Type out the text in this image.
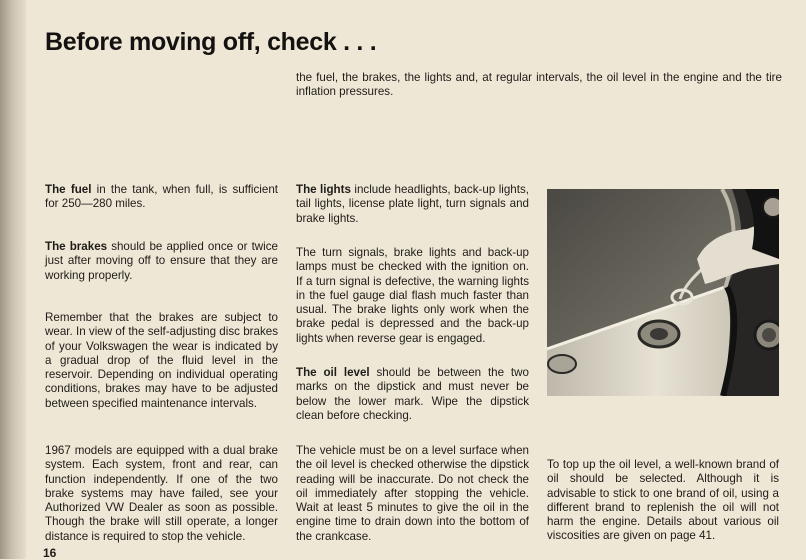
Before moving off, check . . .
the fuel, the brakes, the lights and, at regular intervals, the oil level in the engine and the tire inflation pressures.

The fuel in the tank, when full, is sufficient for 250—280 miles.

The brakes should be applied once or twice just after moving off to ensure that they are working properly.

Remember that the brakes are subject to wear. In view of the self-adjusting disc brakes of your Volkswagen the wear is indicated by a gradual drop of the fluid level in the reservoir. Depending on individual operating conditions, brakes may have to be adjusted between specified maintenance intervals.

1967 models are equipped with a dual brake system. Each system, front and rear, can function independently. If one of the two brake systems may have failed, see your Authorized VW Dealer as soon as possible. Though the brake will still operate, a longer distance is required to stop the vehicle.

The lights include headlights, back-up lights, tail lights, license plate light, turn signals and brake lights.

The turn signals, brake lights and back-up lamps must be checked with the ignition on. If a turn signal is defective, the warning lights in the fuel gauge dial flash much faster than usual. The brake lights only work when the brake pedal is depressed and the back-up lights when reverse gear is engaged.

The oil level should be between the two marks on the dipstick and must never be below the lower mark. Wipe the dipstick clean before checking.

The vehicle must be on a level surface when the oil level is checked otherwise the dipstick reading will be inaccurate. Do not check the oil immediately after stopping the vehicle. Wait at least 5 minutes to give the oil in the engine time to drain down into the bottom of the crankcase.

To top up the oil level, a well-known brand of oil should be selected. Although it is advisable to stick to one brand of oil, using a different brand to replenish the oil will not harm the engine. Details about various oil viscosities are given on page 41.

16
